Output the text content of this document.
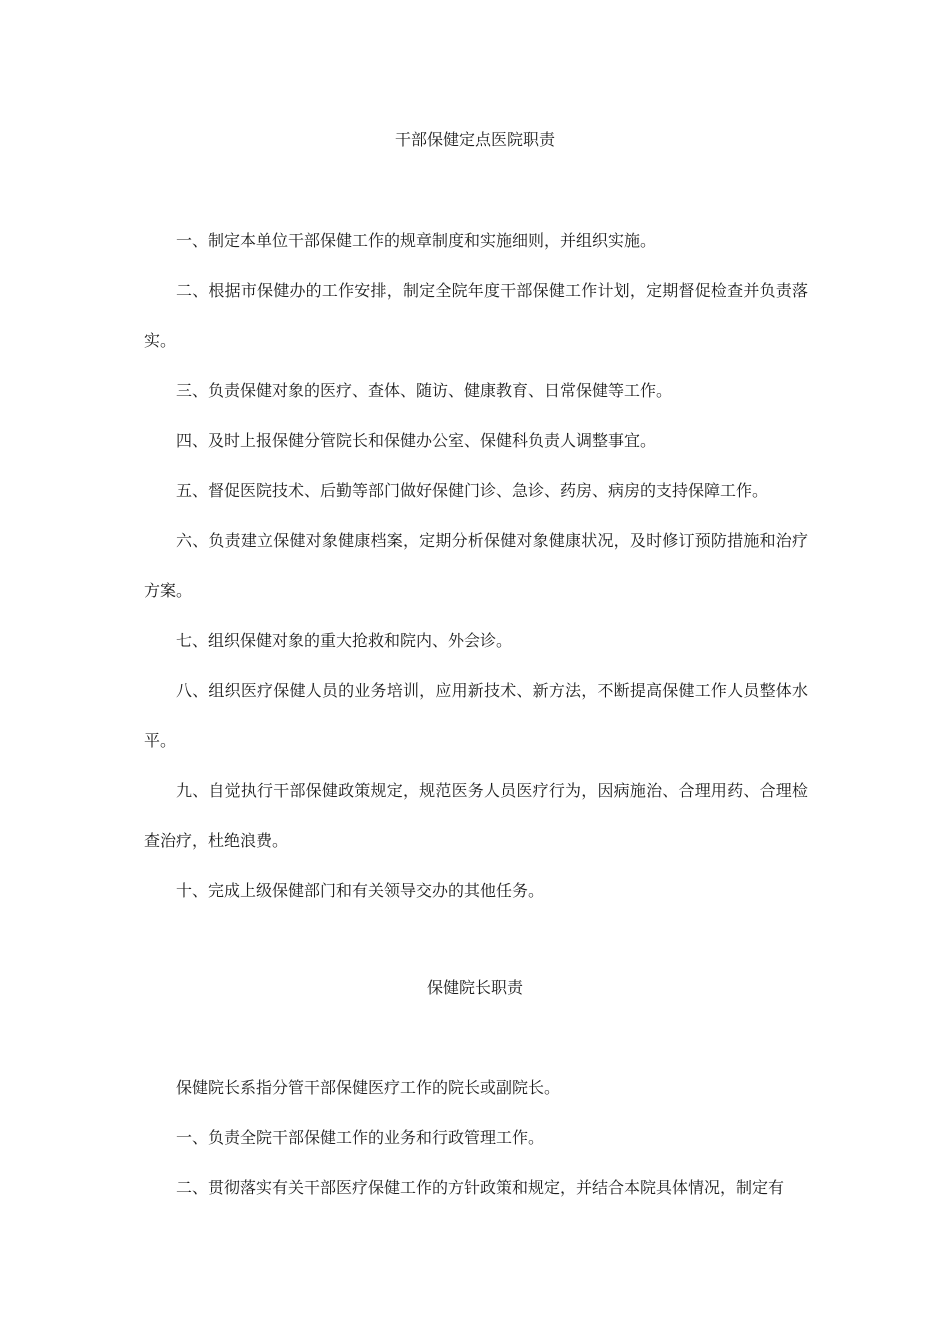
干部保健定点医院职责

一、制定本单位干部保健工作的规章制度和实施细则，并组织实施。

二、根据市保健办的工作安排，制定全院年度干部保健工作计划，定期督促检查并负责落实。

三、负责保健对象的医疗、查体、随访、健康教育、日常保健等工作。

四、及时上报保健分管院长和保健办公室、保健科负责人调整事宜。

五、督促医院技术、后勤等部门做好保健门诊、急诊、药房、病房的支持保障工作。

六、负责建立保健对象健康档案，定期分析保健对象健康状况，及时修订预防措施和治疗方案。

七、组织保健对象的重大抢救和院内、外会诊。

八、组织医疗保健人员的业务培训，应用新技术、新方法，不断提高保健工作人员整体水平。

九、自觉执行干部保健政策规定，规范医务人员医疗行为，因病施治、合理用药、合理检查治疗，杜绝浪费。

十、完成上级保健部门和有关领导交办的其他任务。

保健院长职责

保健院长系指分管干部保健医疗工作的院长或副院长。

一、负责全院干部保健工作的业务和行政管理工作。

二、贯彻落实有关干部医疗保健工作的方针政策和规定，并结合本院具体情况，制定有
